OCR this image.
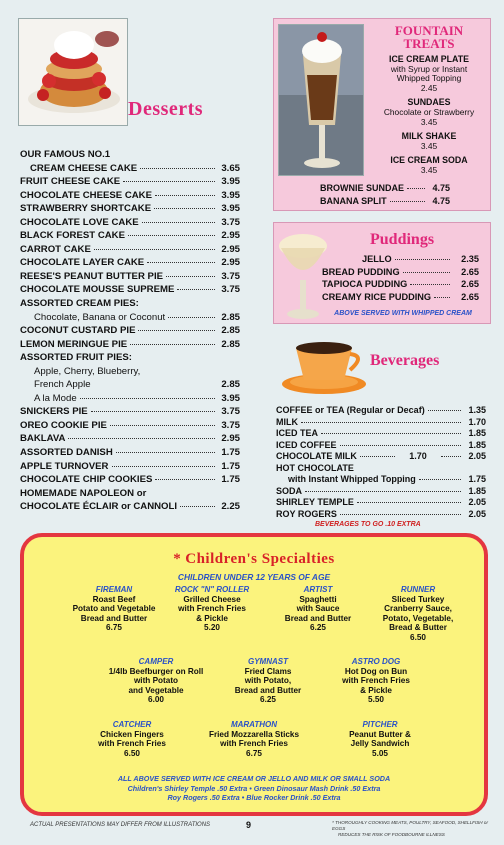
Desserts
OUR FAMOUS NO.1
CREAM CHEESE CAKE	3.65
FRUIT CHEESE CAKE	3.95
CHOCOLATE CHEESE CAKE	3.95
STRAWBERRY SHORTCAKE	3.95
CHOCOLATE LOVE CAKE	3.75
BLACK FOREST CAKE	2.95
CARROT CAKE	2.95
CHOCOLATE LAYER CAKE	2.95
REESE'S PEANUT BUTTER PIE	3.75
CHOCOLATE MOUSSE SUPREME	3.75
ASSORTED CREAM PIES:
Chocolate, Banana or Coconut	2.85
COCONUT CUSTARD PIE	2.85
LEMON MERINGUE PIE	2.85
ASSORTED FRUIT PIES:
Apple, Cherry, Blueberry,
French Apple	2.85
A la Mode	3.95
SNICKERS PIE	3.75
OREO COOKIE PIE	3.75
BAKLAVA	2.95
ASSORTED DANISH	1.75
APPLE TURNOVER	1.75
CHOCOLATE CHIP COOKIES	1.75
HOMEMADE NAPOLEON or
CHOCOLATE ÉCLAIR or CANNOLI	2.25
FOUNTAIN
TREATS
ICE CREAM PLATE
with Syrup or Instant
Whipped Topping
2.45
SUNDAES
Chocolate or Strawberry
3.45
MILK SHAKE
3.45
ICE CREAM SODA
3.45
BROWNIE SUNDAE	4.75
BANANA SPLIT	4.75
Puddings
JELLO	2.35
BREAD PUDDING	2.65
TAPIOCA PUDDING	2.65
CREAMY RICE PUDDING	2.65
ABOVE SERVED WITH WHIPPED CREAM
Beverages
COFFEE or TEA (Regular or Decaf)	1.35
MILK	1.70
ICED TEA	1.85
ICED COFFEE	1.85
CHOCOLATE MILK	1.70	2.05
HOT CHOCOLATE
with Instant Whipped Topping	1.75
SODA	1.85
SHIRLEY TEMPLE	2.05
ROY ROGERS	2.05
BEVERAGES TO GO .10 EXTRA
* Children's Specialties
CHILDREN UNDER 12 YEARS OF AGE
FIREMAN
Roast Beef
Potato and Vegetable
Bread and Butter
6.75
ROCK "N" ROLLER
Grilled Cheese
with French Fries
& Pickle
5.20
ARTIST
Spaghetti
with Sauce
Bread and Butter
6.25
RUNNER
Sliced Turkey
Cranberry Sauce,
Potato, Vegetable,
Bread & Butter
6.50
CAMPER
1/4lb Beefburger on Roll
with Potato
and Vegetable
6.00
GYMNAST
Fried Clams
with Potato,
Bread and Butter
6.25
ASTRO DOG
Hot Dog on Bun
with French Fries
& Pickle
5.50
CATCHER
Chicken Fingers
with French Fries
6.50
MARATHON
Fried Mozzarella Sticks
with French Fries
6.75
PITCHER
Peanut Butter &
Jelly Sandwich
5.05
ALL ABOVE SERVED WITH ICE CREAM OR JELLO AND MILK OR SMALL SODA
Children's Shirley Temple .50 Extra • Green Dinosaur Mash Drink .50 Extra
Roy Rogers .50 Extra • Blue Rocker Drink .50 Extra
ACTUAL PRESENTATIONS MAY DIFFER FROM ILLUSTRATIONS	9	* THOROUGHLY COOKING MEATS, POULTRY, SEAFOOD, SHELLFISH or EGGS
REDUCES THE RISK OF FOODBOURNE ILLNESS
